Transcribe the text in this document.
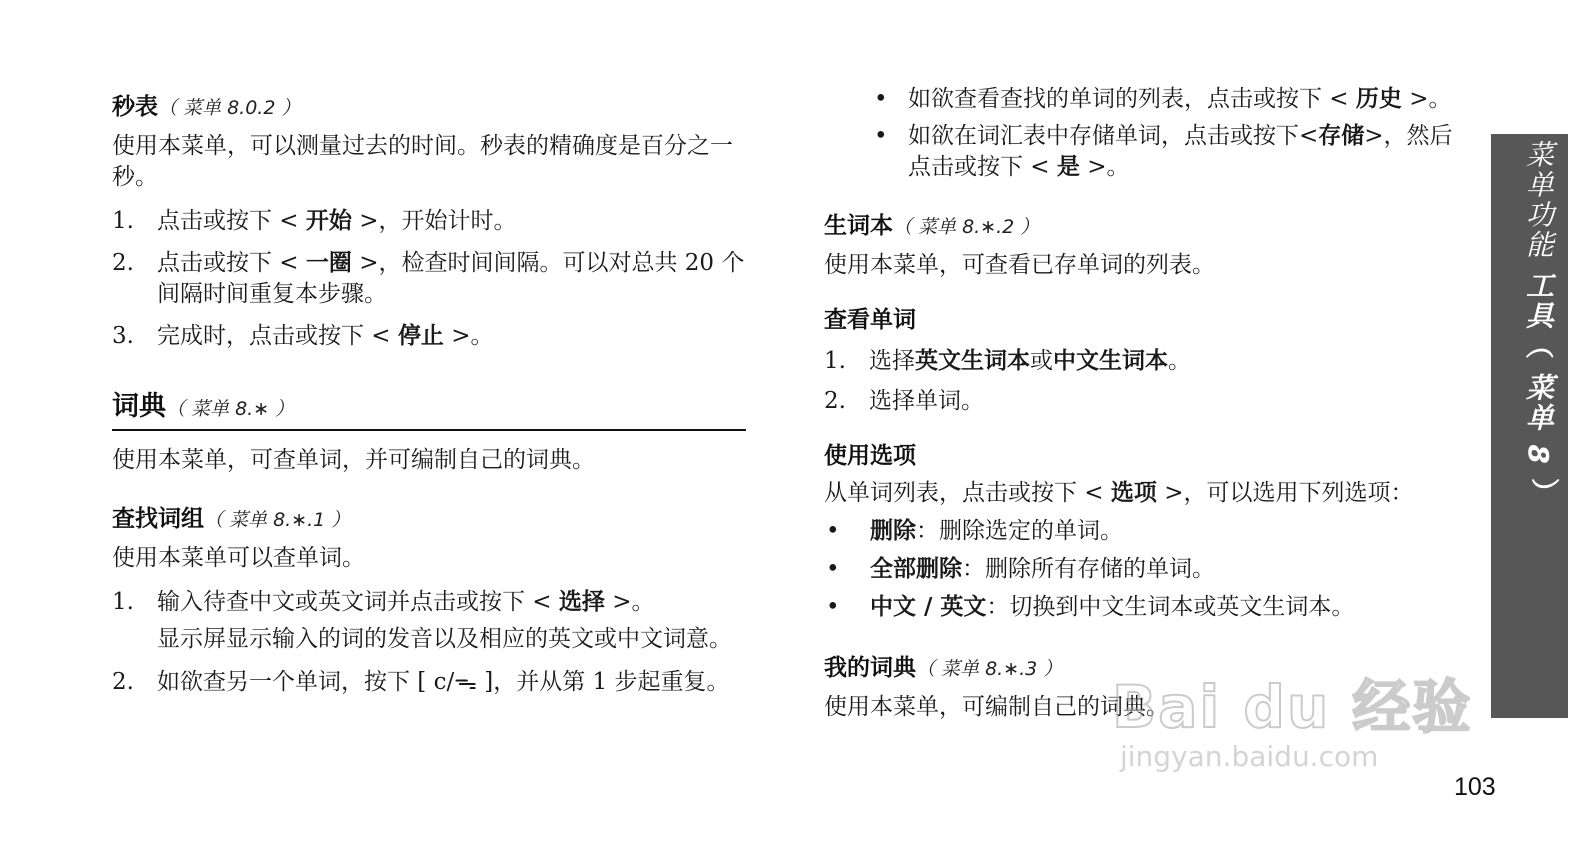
秒表（ 菜单 8.0.2 ）
使用本菜单，可以测量过去的时间。秒表的精确度是百分之一秒。
1. 点击或按下 < 开始 >，开始计时。
2. 点击或按下 < 一圈 >，检查时间间隔。可以对总共 20 个间隔时间重复本步骤。
3. 完成时，点击或按下 < 停止 >。
词典（ 菜单 8.∗ ）
使用本菜单，可查单词，并可编制自己的词典。
查找词组（ 菜单 8.∗.1 ）
使用本菜单可以查单词。
1. 输入待查中文或英文词并点击或按下 < 选择 >。
显示屏显示输入的词的发音以及相应的英文或中文词意。
2. 如欲查另一个单词，按下 [ c/ᯓ ]，并从第 1 步起重复。
• 如欲查看查找的单词的列表，点击或按下 < 历史 >。
• 如欲在词汇表中存储单词，点击或按下<存储>，然后点击或按下 < 是 >。
生词本（ 菜单 8.∗.2 ）
使用本菜单，可查看已存单词的列表。
查看单词
1. 选择英文生词本或中文生词本。
2. 选择单词。
使用选项
从单词列表，点击或按下 < 选项 >，可以选用下列选项：
• 删除：删除选定的单词。
• 全部删除：删除所有存储的单词。
• 中文 / 英文：切换到中文生词本或英文生词本。
我的词典（ 菜单 8.∗.3 ）
使用本菜单，可编制自己的词典。
菜单功能 工具（ 菜单 8 ）
Bai du 经验
jingyan.baidu.com
103
